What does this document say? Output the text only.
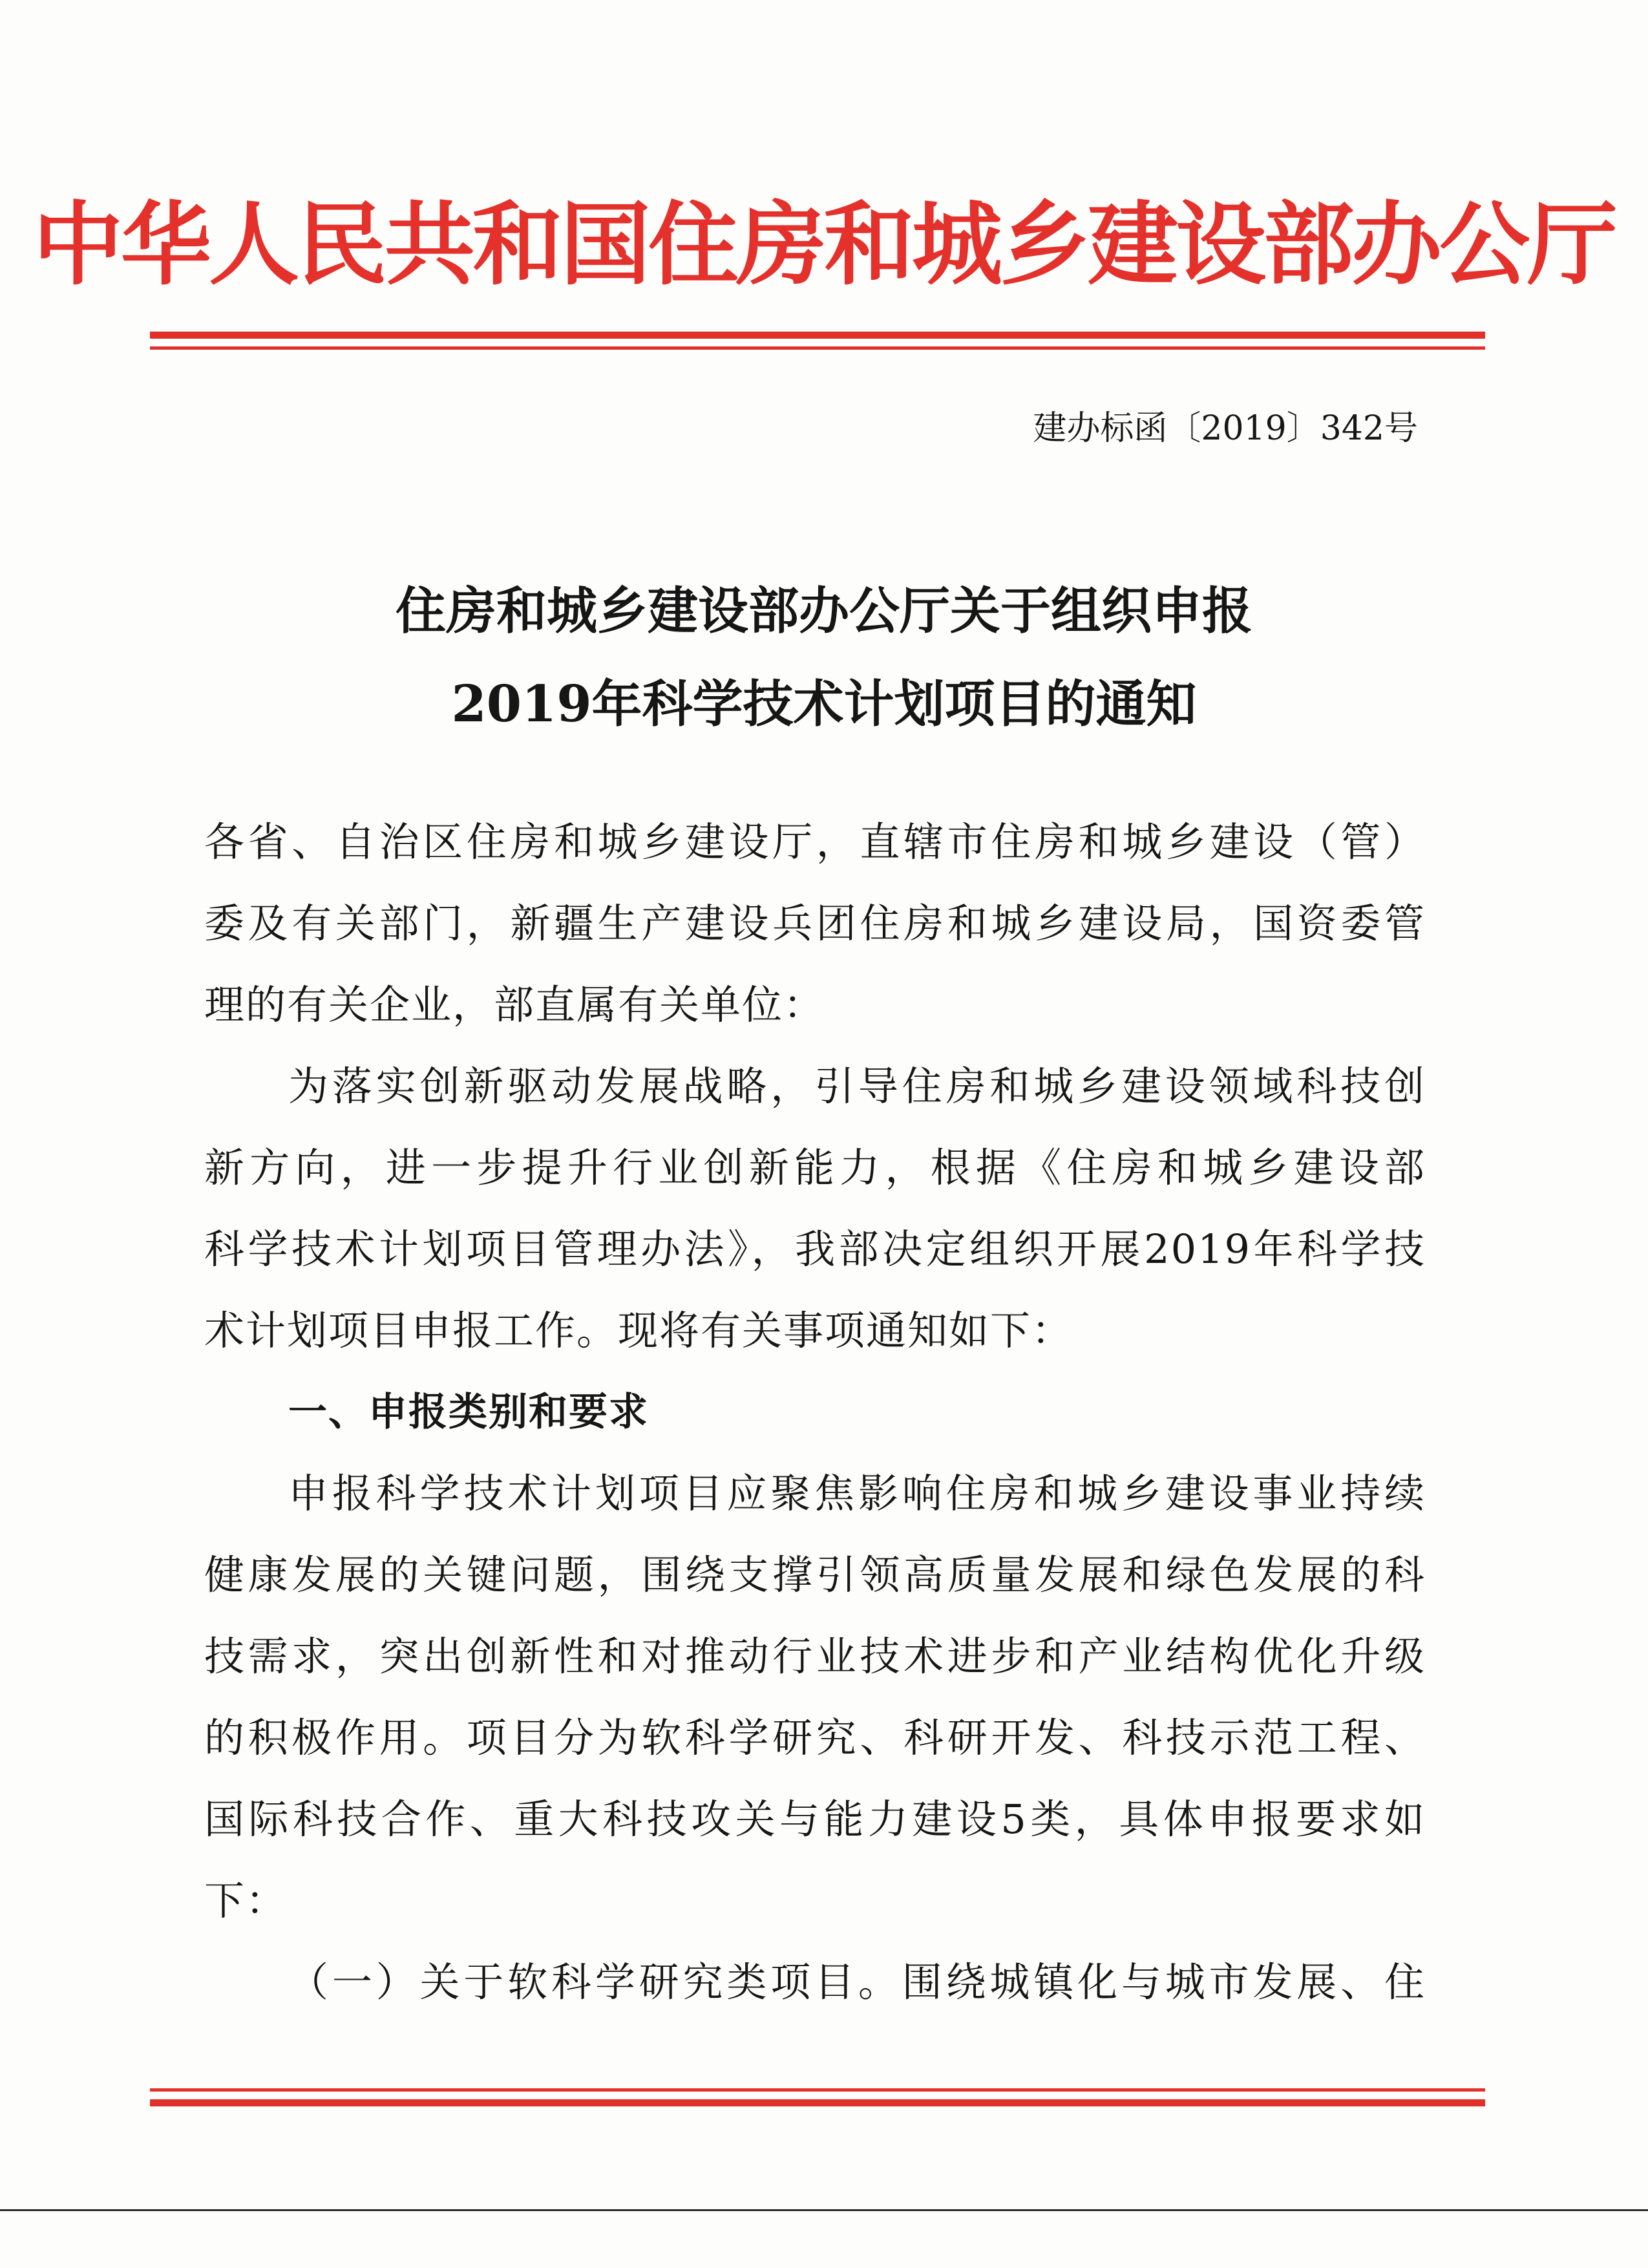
中华人民共和国住房和城乡建设部办公厅
建办标函〔2019〕342号
住房和城乡建设部办公厅关于组织申报
2019年科学技术计划项目的通知
各省、自治区住房和城乡建设厅，直辖市住房和城乡建设（管）
委及有关部门，新疆生产建设兵团住房和城乡建设局，国资委管
理的有关企业，部直属有关单位：
为落实创新驱动发展战略，引导住房和城乡建设领域科技创
新方向，进一步提升行业创新能力，根据《住房和城乡建设部
科学技术计划项目管理办法》，我部决定组织开展2019年科学技
术计划项目申报工作。现将有关事项通知如下：
一、申报类别和要求
申报科学技术计划项目应聚焦影响住房和城乡建设事业持续
健康发展的关键问题，围绕支撑引领高质量发展和绿色发展的科
技需求，突出创新性和对推动行业技术进步和产业结构优化升级
的积极作用。项目分为软科学研究、科研开发、科技示范工程、
国际科技合作、重大科技攻关与能力建设5类，具体申报要求如
下：
（一）关于软科学研究类项目。围绕城镇化与城市发展、住
